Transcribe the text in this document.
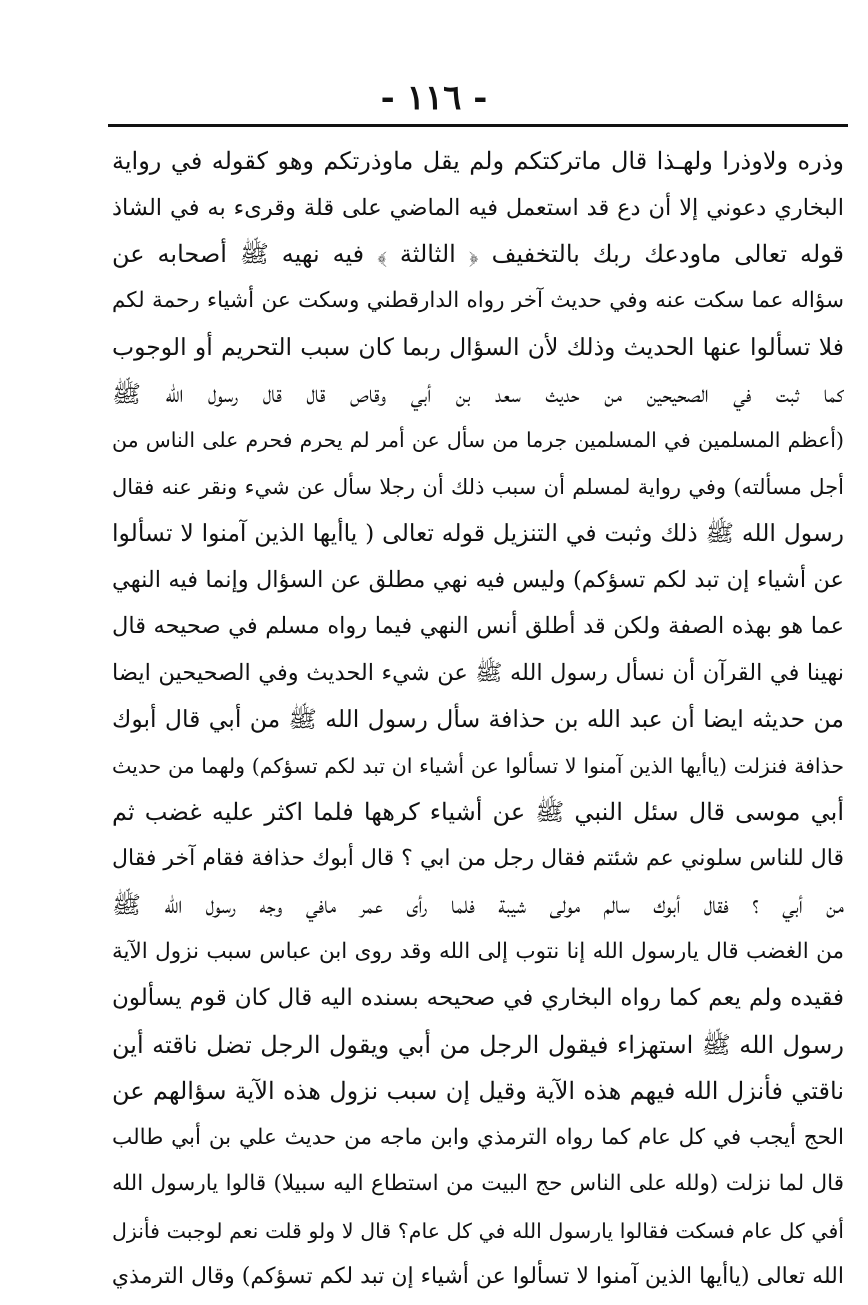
- ١١٦ -
وذره ولاوذرا ولهـذا قال ماتركتكم ولم يقل ماوذرتكم وهو كقوله في رواية
البخاري دعوني إلا أن دع قد استعمل فيه الماضي على قلة وقرىء به في الشاذ
قوله تعالى ماودعك ربك بالتخفيف ﴿ الثالثة ﴾ فيه نهيه ﷺ أصحابه عن
سؤاله عما سكت عنه وفي حديث آخر رواه الدارقطني وسكت عن أشياء رحمة لكم
فلا تسألوا عنها الحديث وذلك لأن السؤال ربما كان سبب التحريم أو الوجوب
كما ثبت في الصحيحين من حديث سعد بن أبي وقاص قال قال رسول الله ﷺ
(أعظم المسلمين في المسلمين جرما من سأل عن أمر لم يحرم فحرم على الناس من
أجل مسألته) وفي رواية لمسلم أن سبب ذلك أن رجلا سأل عن شيء ونقر عنه فقال
رسول الله ﷺ ذلك وثبت في التنزيل قوله تعالى ( ياأيها الذين آمنوا لا تسألوا
عن أشياء إن تبد لكم تسؤكم) وليس فيه نهي مطلق عن السؤال وإنما فيه النهي
عما هو بهذه الصفة ولكن قد أطلق أنس النهي فيما رواه مسلم في صحيحه قال
نهينا في القرآن أن نسأل رسول الله ﷺ عن شيء الحديث وفي الصحيحين ايضا
من حديثه ايضا أن عبد الله بن حذافة سأل رسول الله ﷺ من أبي قال أبوك
حذافة فنزلت (ياأيها الذين آمنوا لا تسألوا عن أشياء ان تبد لكم تسؤكم) ولهما من حديث
أبي موسى قال سئل النبي ﷺ عن أشياء كرهها فلما اكثر عليه غضب ثم
قال للناس سلوني عم شئتم فقال رجل من ابي ؟ قال أبوك حذافة فقام آخر فقال
من أبي ؟ فقال أبوك سالم مولى شيبة فلما رأى عمر مافي وجه رسول الله ﷺ
من الغضب قال يارسول الله إنا نتوب إلى الله وقد روى ابن عباس سبب نزول الآية
فقيده ولم يعم كما رواه البخاري في صحيحه بسنده اليه قال كان قوم يسألون
رسول الله ﷺ استهزاء فيقول الرجل من أبي ويقول الرجل تضل ناقته أين
ناقتي فأنزل الله فيهم هذه الآية وقيل إن سبب نزول هذه الآية سؤالهم عن
الحج أيجب في كل عام كما رواه الترمذي وابن ماجه من حديث علي بن أبي طالب
قال لما نزلت (ولله على الناس حج البيت من استطاع اليه سبيلا) قالوا يارسول الله
أفي كل عام فسكت فقالوا يارسول الله في كل عام؟ قال لا ولو قلت نعم لوجبت فأنزل
الله تعالى (ياأيها الذين آمنوا لا تسألوا عن أشياء إن تبد لكم تسؤكم) وقال الترمذي
